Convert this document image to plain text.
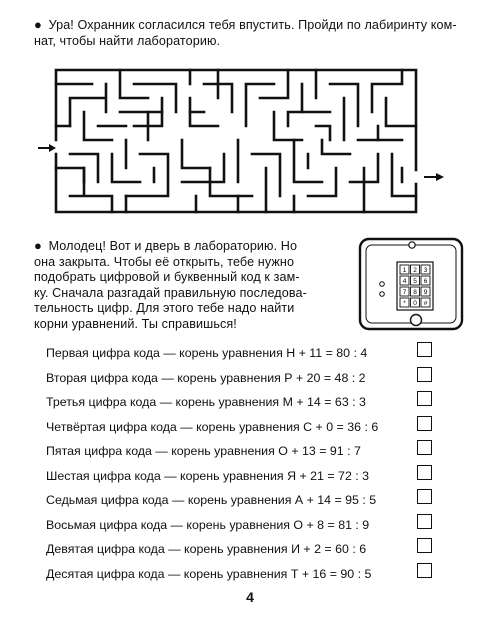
● Ура! Охранник согласился тебя впустить. Пройди по лабиринту ком-
нат, чтобы найти лабораторию.
● Молодец! Вот и дверь в лабораторию. Но
она закрыта. Чтобы её открыть, тебе нужно
подобрать цифровой и буквенный код к зам-
ку. Сначала разгадай правильную последова-
тельность цифр. Для этого тебе надо найти
корни уравнений. Ты справишься!
1 2 3
4 5 6
7 8 9
* 0 #
Первая цифра кода — корень уравнения Н + 11 = 80 : 4
Вторая цифра кода — корень уравнения Р + 20 = 48 : 2
Третья цифра кода — корень уравнения М + 14 = 63 : 3
Четвёртая цифра кода — корень уравнения С + 0 = 36 : 6
Пятая цифра кода — корень уравнения О + 13 = 91 : 7
Шестая цифра кода — корень уравнения Я + 21 = 72 : 3
Седьмая цифра кода — корень уравнения А + 14 = 95 : 5
Восьмая цифра кода — корень уравнения О + 8 = 81 : 9
Девятая цифра кода — корень уравнения И + 2 = 60 : 6
Десятая цифра кода — корень уравнения Т + 16 = 90 : 5
4
